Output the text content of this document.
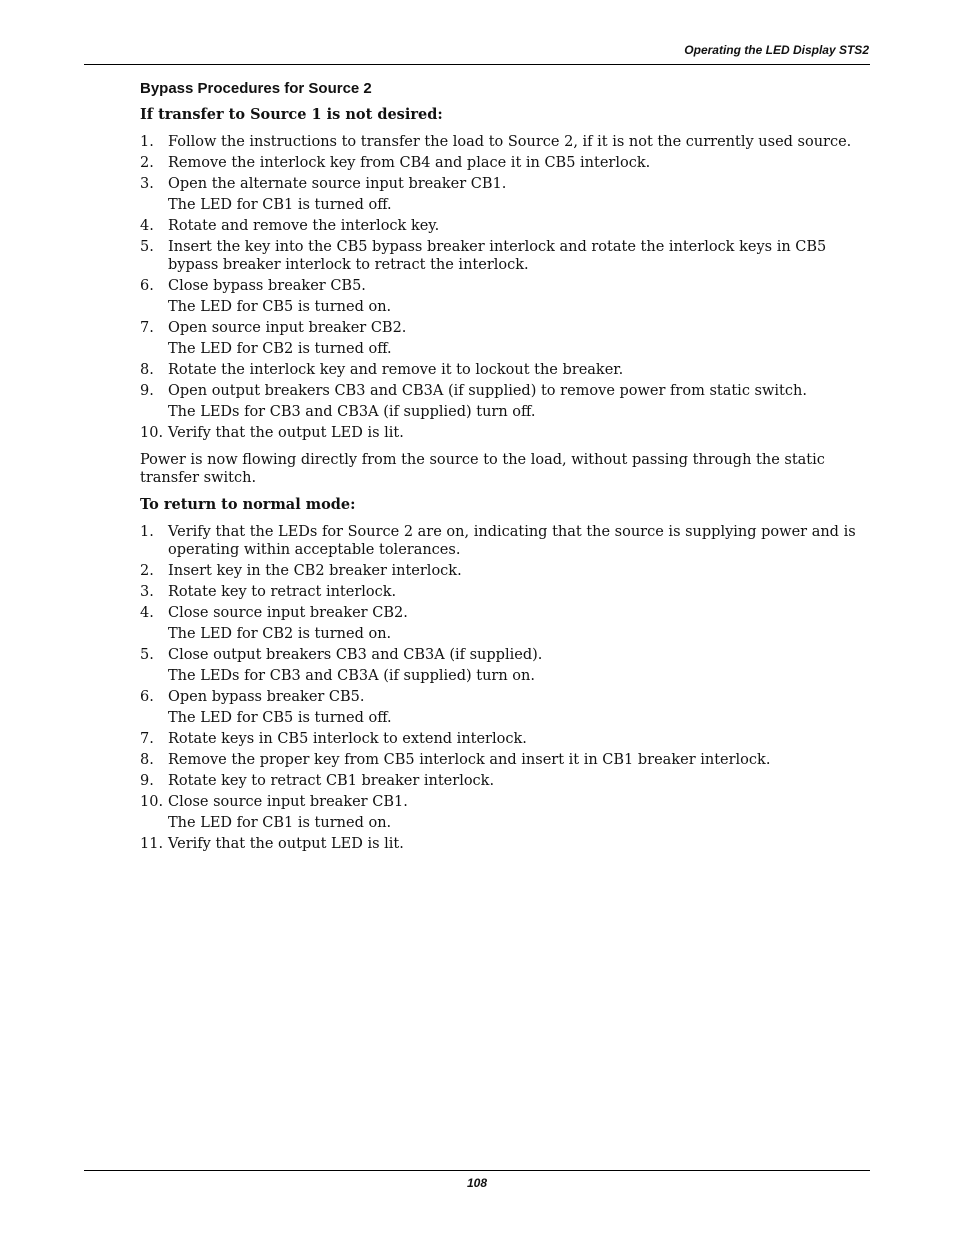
Operating the LED Display STS2
Bypass Procedures for Source 2
If transfer to Source 1 is not desired:
1. Follow the instructions to transfer the load to Source 2, if it is not the currently used source.
2. Remove the interlock key from CB4 and place it in CB5 interlock.
3. Open the alternate source input breaker CB1.
The LED for CB1 is turned off.
4. Rotate and remove the interlock key.
5. Insert the key into the CB5 bypass breaker interlock and rotate the interlock keys in CB5 bypass breaker interlock to retract the interlock.
6. Close bypass breaker CB5.
The LED for CB5 is turned on.
7. Open source input breaker CB2.
The LED for CB2 is turned off.
8. Rotate the interlock key and remove it to lockout the breaker.
9. Open output breakers CB3 and CB3A (if supplied) to remove power from static switch.
The LEDs for CB3 and CB3A (if supplied) turn off.
10. Verify that the output LED is lit.

Power is now flowing directly from the source to the load, without passing through the static transfer switch.

To return to normal mode:
1. Verify that the LEDs for Source 2 are on, indicating that the source is supplying power and is operating within acceptable tolerances.
2. Insert key in the CB2 breaker interlock.
3. Rotate key to retract interlock.
4. Close source input breaker CB2.
The LED for CB2 is turned on.
5. Close output breakers CB3 and CB3A (if supplied).
The LEDs for CB3 and CB3A (if supplied) turn on.
6. Open bypass breaker CB5.
The LED for CB5 is turned off.
7. Rotate keys in CB5 interlock to extend interlock.
8. Remove the proper key from CB5 interlock and insert it in CB1 breaker interlock.
9. Rotate key to retract CB1 breaker interlock.
10. Close source input breaker CB1.
The LED for CB1 is turned on.
11. Verify that the output LED is lit.
108
